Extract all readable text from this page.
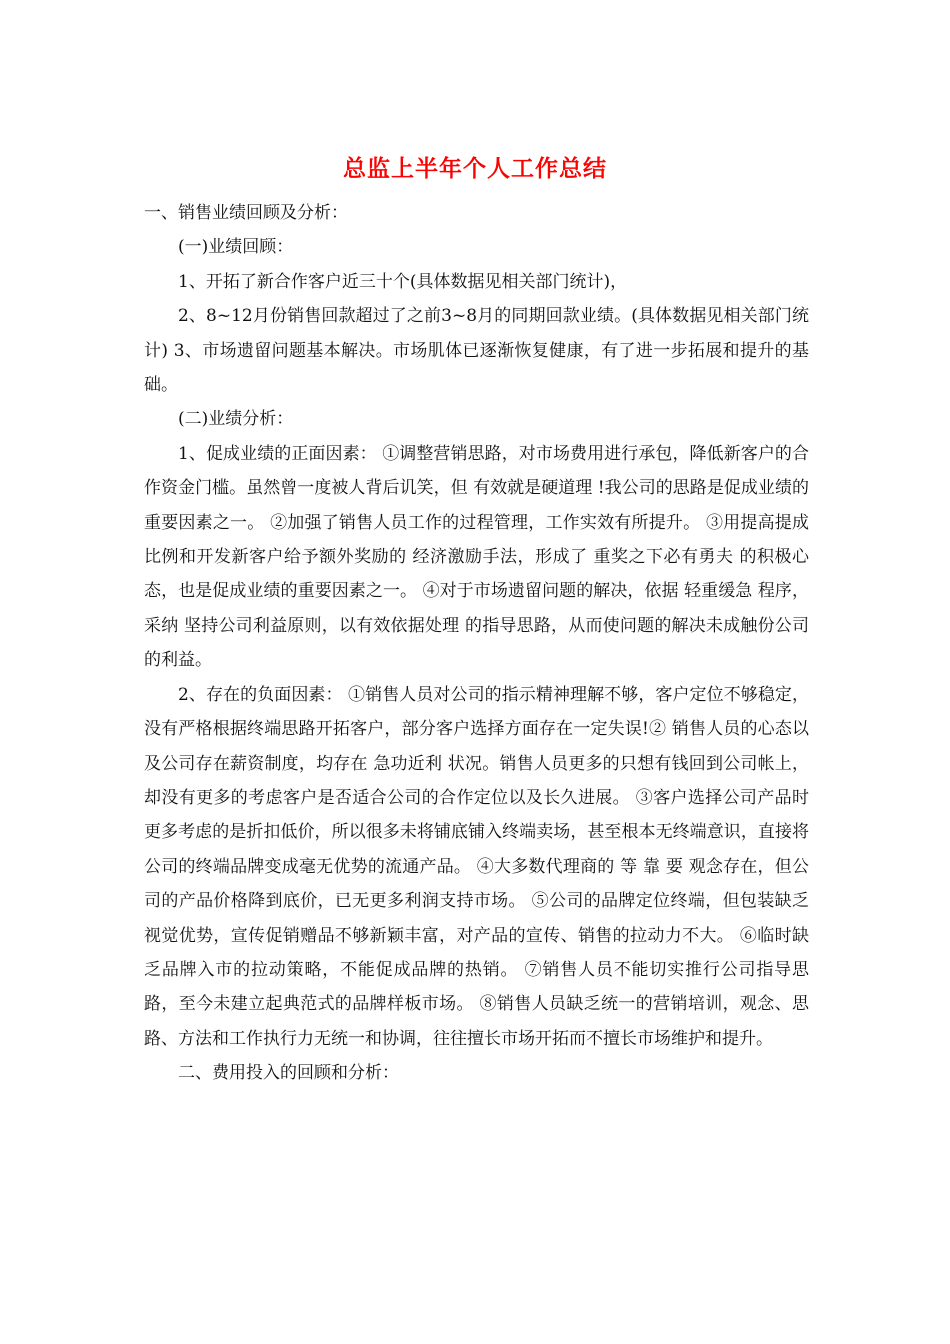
总监上半年个人工作总结

一、销售业绩回顾及分析：

(一)业绩回顾：

1、开拓了新合作客户近三十个(具体数据见相关部门统计)，

2、8~12月份销售回款超过了之前3~8月的同期回款业绩。(具体数据见相关部门统计) 3、市场遗留问题基本解决。市场肌体已逐渐恢复健康，有了进一步拓展和提升的基础。

(二)业绩分析：

1、促成业绩的正面因素： ①调整营销思路，对市场费用进行承包，降低新客户的合作资金门槛。虽然曾一度被人背后讥笑，但 有效就是硬道理 !我公司的思路是促成业绩的重要因素之一。 ②加强了销售人员工作的过程管理，工作实效有所提升。 ③用提高提成比例和开发新客户给予额外奖励的 经济激励手法，形成了 重奖之下必有勇夫 的积极心态，也是促成业绩的重要因素之一。 ④对于市场遗留问题的解决，依据 轻重缓急 程序，采纳 坚持公司利益原则，以有效依据处理 的指导思路，从而使问题的解决未成触份公司的利益。

2、存在的负面因素： ①销售人员对公司的指示精神理解不够，客户定位不够稳定，没有严格根据终端思路开拓客户，部分客户选择方面存在一定失误!② 销售人员的心态以及公司存在薪资制度，均存在 急功近利 状况。销售人员更多的只想有钱回到公司帐上，却没有更多的考虑客户是否适合公司的合作定位以及长久进展。 ③客户选择公司产品时更多考虑的是折扣低价，所以很多未将铺底铺入终端卖场，甚至根本无终端意识，直接将公司的终端品牌变成毫无优势的流通产品。 ④大多数代理商的 等 靠 要 观念存在，但公司的产品价格降到底价，已无更多利润支持市场。 ⑤公司的品牌定位终端，但包装缺乏视觉优势，宣传促销赠品不够新颖丰富，对产品的宣传、销售的拉动力不大。 ⑥临时缺乏品牌入市的拉动策略，不能促成品牌的热销。 ⑦销售人员不能切实推行公司指导思路，至今未建立起典范式的品牌样板市场。 ⑧销售人员缺乏统一的营销培训，观念、思路、方法和工作执行力无统一和协调，往往擅长市场开拓而不擅长市场维护和提升。

二、费用投入的回顾和分析：
